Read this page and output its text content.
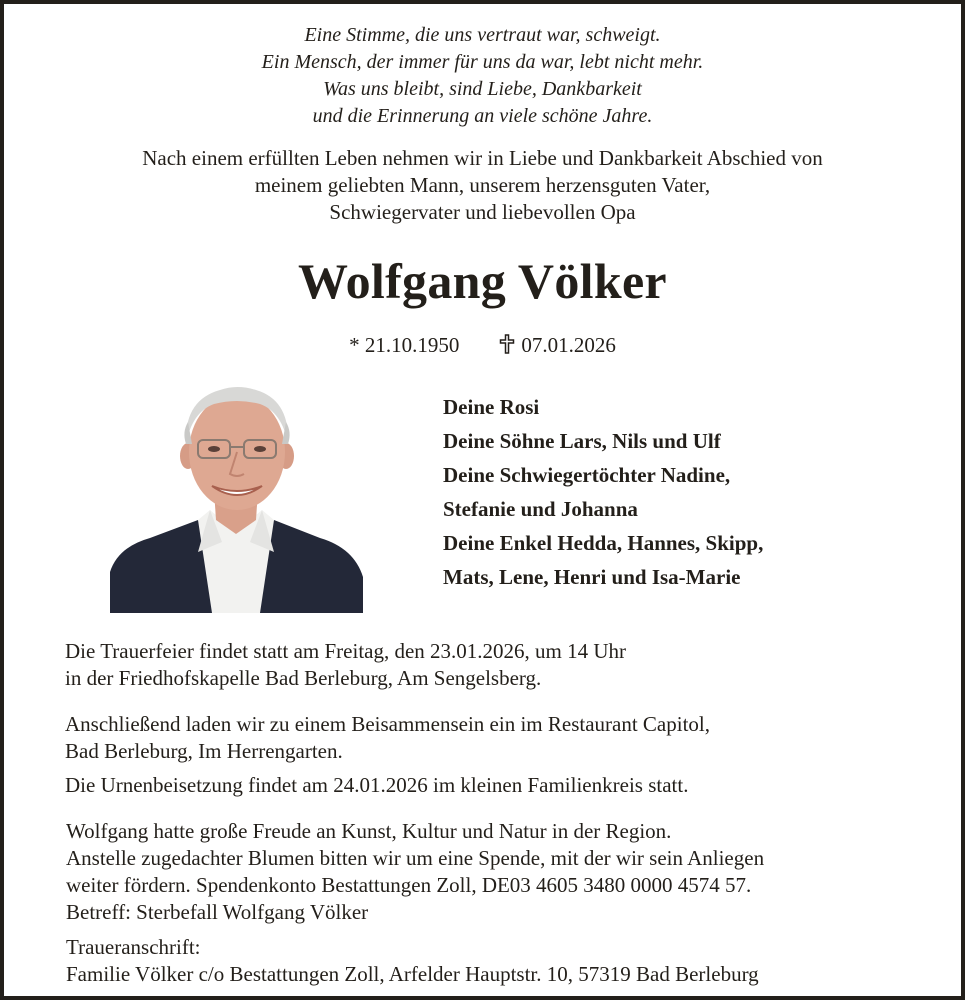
Eine Stimme, die uns vertraut war, schweigt.
Ein Mensch, der immer für uns da war, lebt nicht mehr.
Was uns bleibt, sind Liebe, Dankbarkeit
und die Erinnerung an viele schöne Jahre.
Nach einem erfüllten Leben nehmen wir in Liebe und Dankbarkeit Abschied von
meinem geliebten Mann, unserem herzensguten Vater,
Schwiegervater und liebevollen Opa
Wolfgang Völker
* 21.10.1950	07.01.2026
Deine Rosi
Deine Söhne Lars, Nils und Ulf
Deine Schwiegertöchter Nadine,
Stefanie und Johanna
Deine Enkel Hedda, Hannes, Skipp,
Mats, Lene, Henri und Isa-Marie
Die Trauerfeier findet statt am Freitag, den 23.01.2026, um 14 Uhr
in der Friedhofskapelle Bad Berleburg, Am Sengelsberg.
Anschließend laden wir zu einem Beisammensein ein im Restaurant Capitol,
Bad Berleburg, Im Herrengarten.
Die Urnenbeisetzung findet am 24.01.2026 im kleinen Familienkreis statt.
Wolfgang hatte große Freude an Kunst, Kultur und Natur in der Region.
Anstelle zugedachter Blumen bitten wir um eine Spende, mit der wir sein Anliegen
weiter fördern. Spendenkonto Bestattungen Zoll, DE03 4605 3480 0000 4574 57.
Betreff: Sterbefall Wolfgang Völker
Traueranschrift:
Familie Völker c/o Bestattungen Zoll, Arfelder Hauptstr. 10, 57319 Bad Berleburg
